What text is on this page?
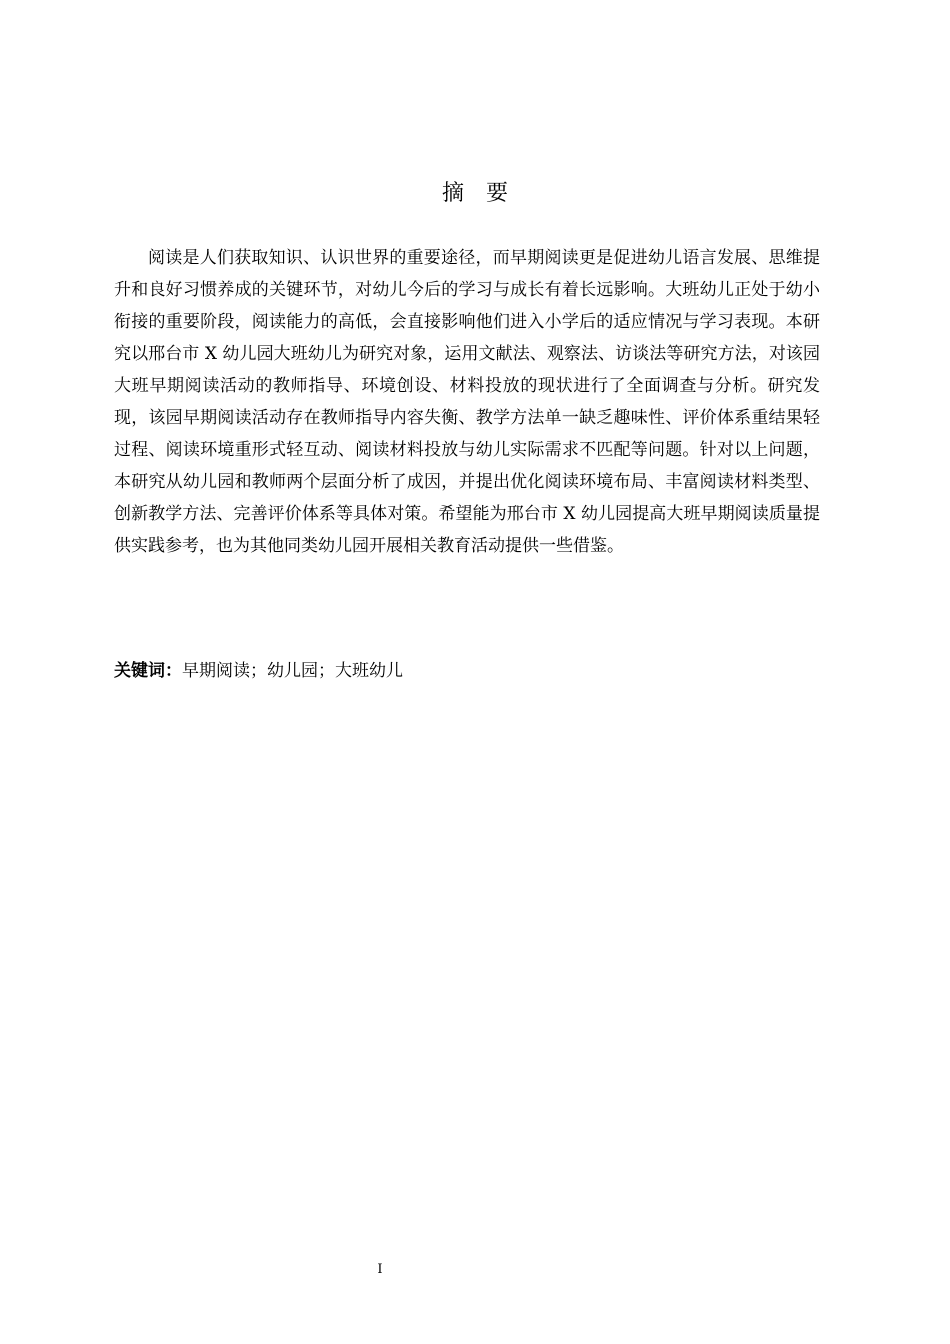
摘要

阅读是人们获取知识、认识世界的重要途径，而早期阅读更是促进幼儿语言发展、思维提升和良好习惯养成的关键环节，对幼儿今后的学习与成长有着长远影响。大班幼儿正处于幼小衔接的重要阶段，阅读能力的高低，会直接影响他们进入小学后的适应情况与学习表现。本研究以邢台市 X 幼儿园大班幼儿为研究对象，运用文献法、观察法、访谈法等研究方法，对该园大班早期阅读活动的教师指导、环境创设、材料投放的现状进行了全面调查与分析。研究发现，该园早期阅读活动存在教师指导内容失衡、教学方法单一缺乏趣味性、评价体系重结果轻过程、阅读环境重形式轻互动、阅读材料投放与幼儿实际需求不匹配等问题。针对以上问题，本研究从幼儿园和教师两个层面分析了成因，并提出优化阅读环境布局、丰富阅读材料类型、创新教学方法、完善评价体系等具体对策。希望能为邢台市 X 幼儿园提高大班早期阅读质量提供实践参考，也为其他同类幼儿园开展相关教育活动提供一些借鉴。

关键词：早期阅读；幼儿园；大班幼儿

I
